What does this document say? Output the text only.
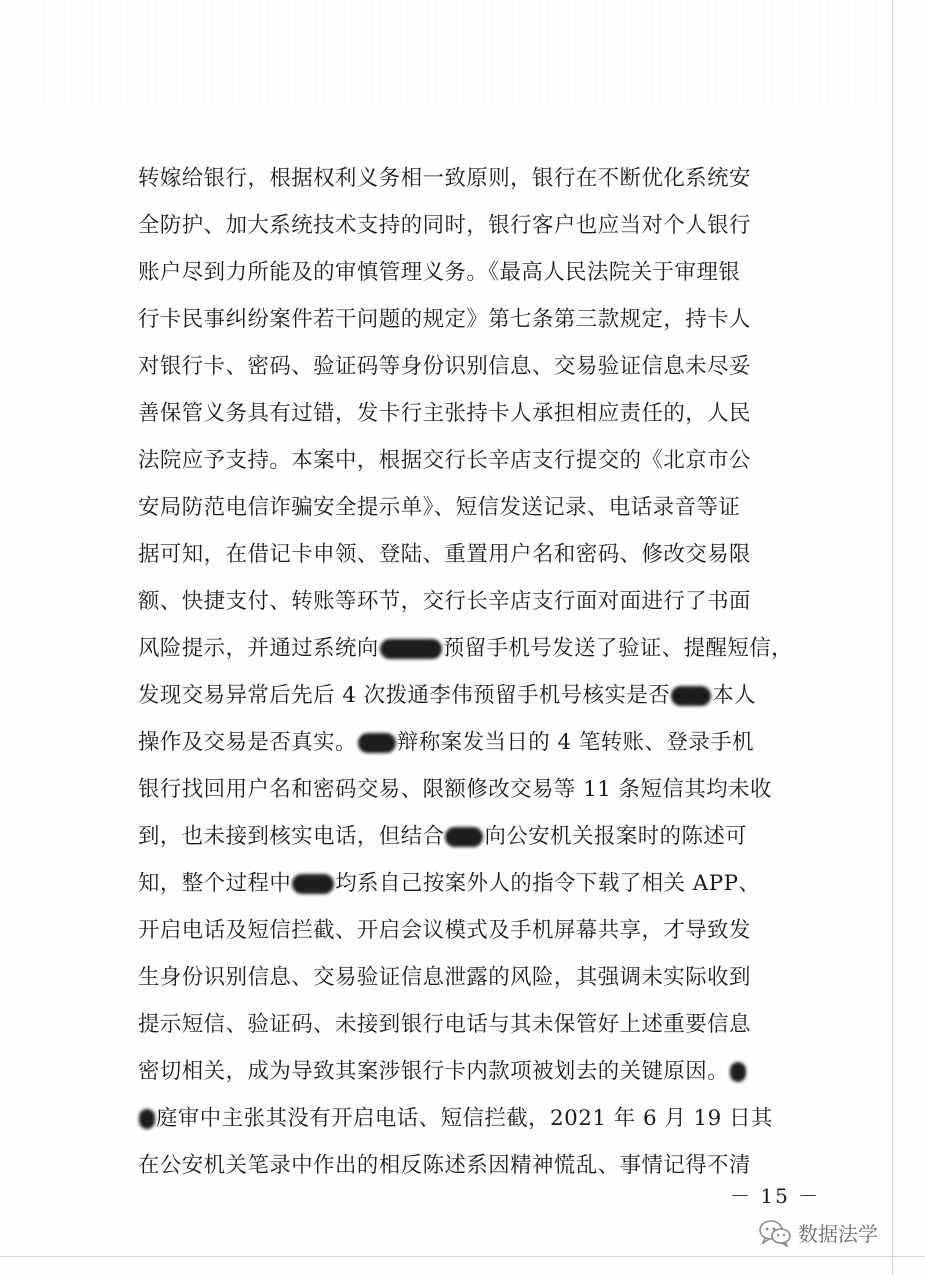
转嫁给银行，根据权利义务相一致原则，银行在不断优化系统安
全防护、加大系统技术支持的同时，银行客户也应当对个人银行
账户尽到力所能及的审慎管理义务。《最高人民法院关于审理银
行卡民事纠纷案件若干问题的规定》第七条第三款规定，持卡人
对银行卡、密码、验证码等身份识别信息、交易验证信息未尽妥
善保管义务具有过错，发卡行主张持卡人承担相应责任的，人民
法院应予支持。本案中，根据交行长辛店支行提交的《北京市公
安局防范电信诈骗安全提示单》、短信发送记录、电话录音等证
据可知，在借记卡申领、登陆、重置用户名和密码、修改交易限
额、快捷支付、转账等环节，交行长辛店支行面对面进行了书面
风险提示，并通过系统向	预留手机号发送了验证、提醒短信，
发现交易异常后先后 4 次拨通李伟预留手机号核实是否 本人
操作及交易是否真实。 辩称案发当日的 4 笔转账、登录手机
银行找回用户名和密码交易、限额修改交易等 11 条短信其均未收
到，也未接到核实电话，但结合 向公安机关报案时的陈述可
知，整个过程中 均系自己按案外人的指令下载了相关 APP、
开启电话及短信拦截、开启会议模式及手机屏幕共享，才导致发
生身份识别信息、交易验证信息泄露的风险，其强调未实际收到
提示短信、验证码、未接到银行电话与其未保管好上述重要信息
密切相关，成为导致其案涉银行卡内款项被划去的关键原因。
庭审中主张其没有开启电话、短信拦截，2021 年 6 月 19 日其
在公安机关笔录中作出的相反陈述系因精神慌乱、事情记得不清
－ 15 －
数据法学
